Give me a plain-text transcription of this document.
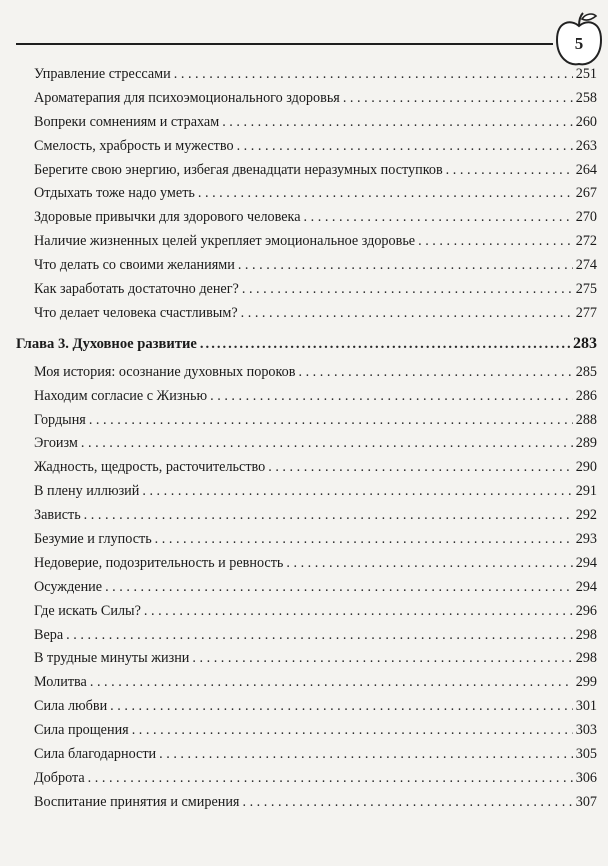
5
Управление стрессами . . .	251
Ароматерапия для психоэмоционального здоровья . . .	258
Вопреки сомнениям и страхам . . .	260
Смелость, храбрость и мужество . . .	263
Берегите свою энергию, избегая двенадцати неразумных поступков . . .	264
Отдыхать тоже надо уметь . . .	267
Здоровые привычки для здорового человека . . .	270
Наличие жизненных целей укрепляет эмоциональное здоровье . . .	272
Что делать со своими желаниями . . .	274
Как заработать достаточно денег? . . .	275
Что делает человека счастливым? . . .	277
Глава 3. Духовное развитие .....	283
Моя история: осознание духовных пороков . . .	285
Находим согласие с Жизнью . . .	286
Гордыня . . .	288
Эгоизм . . .	289
Жадность, щедрость, расточительство . . .	290
В плену иллюзий . . .	291
Зависть . . .	292
Безумие и глупость . . .	293
Недоверие, подозрительность и ревность . . .	294
Осуждение . . .	294
Где искать Силы? . . .	296
Вера . . .	298
В трудные минуты жизни . . .	298
Молитва . . .	299
Сила любви . . .	301
Сила прощения . . .	303
Сила благодарности . . .	305
Доброта . . .	306
Воспитание принятия и смирения . . .	307
